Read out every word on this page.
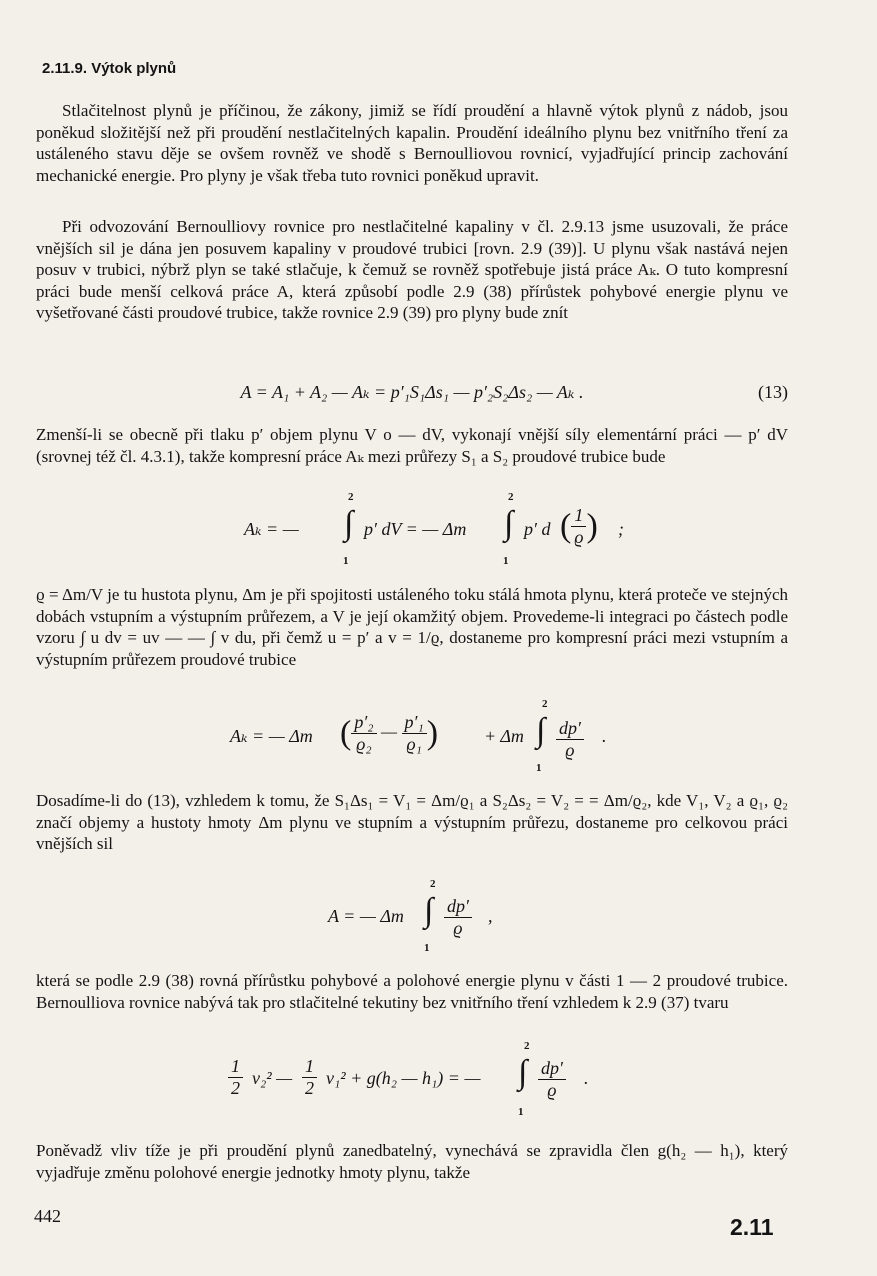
2.11.9. Výtok plynů
Stlačitelnost plynů je příčinou, že zákony, jimiž se řídí proudění a hlavně výtok plynů z nádob, jsou poněkud složitější než při proudění nestlačitelných kapalin. Proudění ideálního plynu bez vnitřního tření za ustáleného stavu děje se ovšem rovněž ve shodě s Bernoulliovou rovnicí, vyjadřující princip zachování mechanické energie. Pro plyny je však třeba tuto rovnici poněkud upravit.
Při odvozování Bernoulliovy rovnice pro nestlačitelné kapaliny v čl. 2.9.13 jsme usuzovali, že práce vnějších sil je dána jen posuvem kapaliny v proudové trubici [rovn. 2.9 (39)]. U plynu však nastává nejen posuv v trubici, nýbrž plyn se také stlačuje, k čemuž se rovněž spotřebuje jistá práce Aₖ. O tuto kompresní práci bude menší celková práce A, která způsobí podle 2.9 (38) přírůstek pohybové energie plynu ve vyšetřované části proudové trubice, takže rovnice 2.9 (39) pro plyny bude znít
A = A₁ + A₂ — Aₖ = p′₁S₁Δs₁ — p′₂S₂Δs₂ — Aₖ .	(13)
Zmenší-li se obecně při tlaku p′ objem plynu V o — dV, vykonají vnější síly elementární práci — p′ dV (srovnej též čl. 4.3.1), takže kompresní práce Aₖ mezi průřezy S₁ a S₂ proudové trubice bude
Aₖ = — ∫
2
1
p′ dV = — Δm ∫
2
1
p′ d ( $\frac{1}{ϱ}$ ) ;
ϱ = Δm/V je tu hustota plynu, Δm je při spojitosti ustáleného toku stálá hmota plynu, která proteče ve stejných dobách vstupním a výstupním průřezem, a V je její okamžitý objem. Provedeme-li integraci po částech podle vzoru ∫ u dv = uv — — ∫ v du, při čemž u = p′ a v = 1/ϱ, dostaneme pro kompresní práci mezi vstupním a výstupním průřezem proudové trubice
Aₖ = — Δm ( $\frac{\text{p′₂}}{\text{ϱ₂}}$ — $\frac{\text{p′₁}}{\text{ϱ₁}}$ )	+ Δm ∫
2
1
$\frac{dp'}{ϱ}$ .
Dosadíme-li do (13), vzhledem k tomu, že S₁Δs₁ = V₁ = Δm/ϱ₁ a S₂Δs₂ = V₂ = = Δm/ϱ₂, kde V₁, V₂ a ϱ₁, ϱ₂ značí objemy a hustoty hmoty Δm plynu ve stupním a výstupním průřezu, dostaneme pro celkovou práci vnějších sil
A = — Δm ∫
2
1
$\frac{dp'}{ϱ}$ ,
která se podle 2.9 (38) rovná přírůstku pohybové a polohové energie plynu v části 1 — 2 proudové trubice. Bernoulliova rovnice nabývá tak pro stlačitelné tekutiny bez vnitřního tření vzhledem k 2.9 (37) tvaru
$\frac{1}{2} v_2^2$ — $\frac{1}{2} v_1^2 + g(h_2$ — h₁) = — ∫
2
1
$\frac{dp'}{ϱ}$ .
Poněvadž vliv tíže je při proudění plynů zanedbatelný, vynechává se zpravidla člen g(h₂ — h₁), který vyjadřuje změnu polohové energie jednotky hmoty plynu, takže
442	2.11
